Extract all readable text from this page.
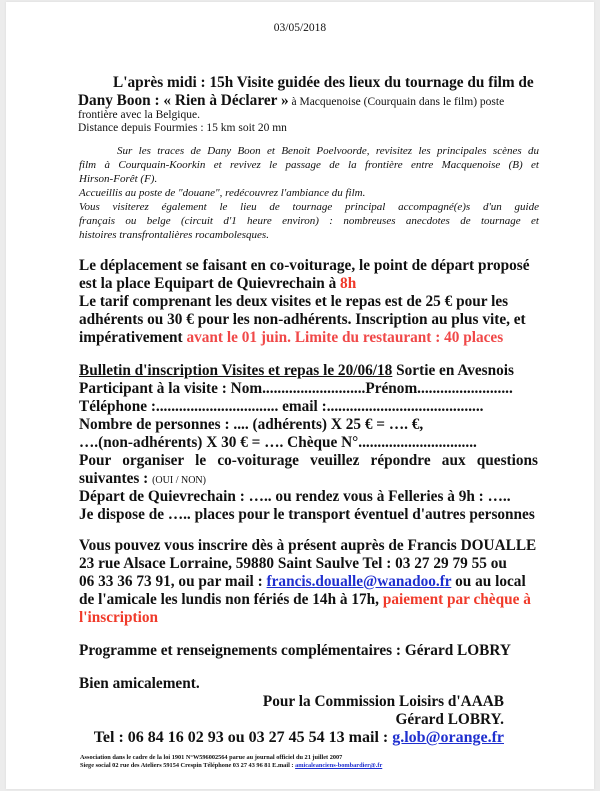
03/05/2018
L'après midi : 15h Visite guidée des lieux du tournage du film de
Dany Boon : « Rien à Déclarer » à Macquenoise (Courquain dans le film) poste
frontière avec la Belgique.
Distance depuis Fourmies : 15 km soit 20 mn
Sur les traces de Dany Boon et Benoit Poelvoorde, revisitez les principales scènes du
film à Courquain-Koorkin et revivez le passage de la frontière entre Macquenoise (B) et
Hirson-Forêt (F).
Accueillis au poste de "douane", redécouvrez l'ambiance du film.
Vous visiterez également le lieu de tournage principal accompagné(e)s d'un guide
français ou belge (circuit d'1 heure environ) : nombreuses anecdotes de tournage et
histoires transfrontalières rocambolesques.
Le déplacement se faisant en co-voiturage, le point de départ proposé
est la place Equipart de Quievrechain à 8h
Le tarif comprenant les deux visites et le repas est de 25 € pour les
adhérents ou 30 € pour les non-adhérents. Inscription au plus vite, et
impérativement avant le 01 juin. Limite du restaurant : 40 places
Bulletin d'inscription Visites et repas le 20/06/18 Sortie en Avesnois
Participant à la visite : Nom...........................Prénom.........................
Téléphone :................................ email :.........................................
Nombre de personnes : .... (adhérents) X 25 € = …. €,
….(non-adhérents) X 30 € = …. Chèque N°...............................
Pour organiser le co-voiturage veuillez répondre aux questions
suivantes : (OUI / NON)
Départ de Quievrechain : ….. ou rendez vous à Felleries à 9h : …..
Je dispose de ….. places pour le transport éventuel d'autres personnes
Vous pouvez vous inscrire dès à présent auprès de Francis DOUALLE
23 rue Alsace Lorraine, 59880 Saint Saulve Tel : 03 27 29 79 55 ou
06 33 36 73 91, ou par mail : francis.doualle@wanadoo.fr ou au local
de l'amicale les lundis non fériés de 14h à 17h, paiement par chèque à
l'inscription
Programme et renseignements complémentaires : Gérard LOBRY
Bien amicalement.
Pour la Commission Loisirs d'AAAB
Gérard LOBRY.
Tel : 06 84 16 02 93 ou 03 27 45 54 13 mail : g.lob@orange.fr
Association dans le cadre de la loi 1901 N°W596002564 parue au journal officiel du 21 juillet 2007
Siege social 02 rue des Ateliers 59154 Crespin Téléphone 03 27 43 96 81 E.mail : amicaleanciens-bombardier@.fr
